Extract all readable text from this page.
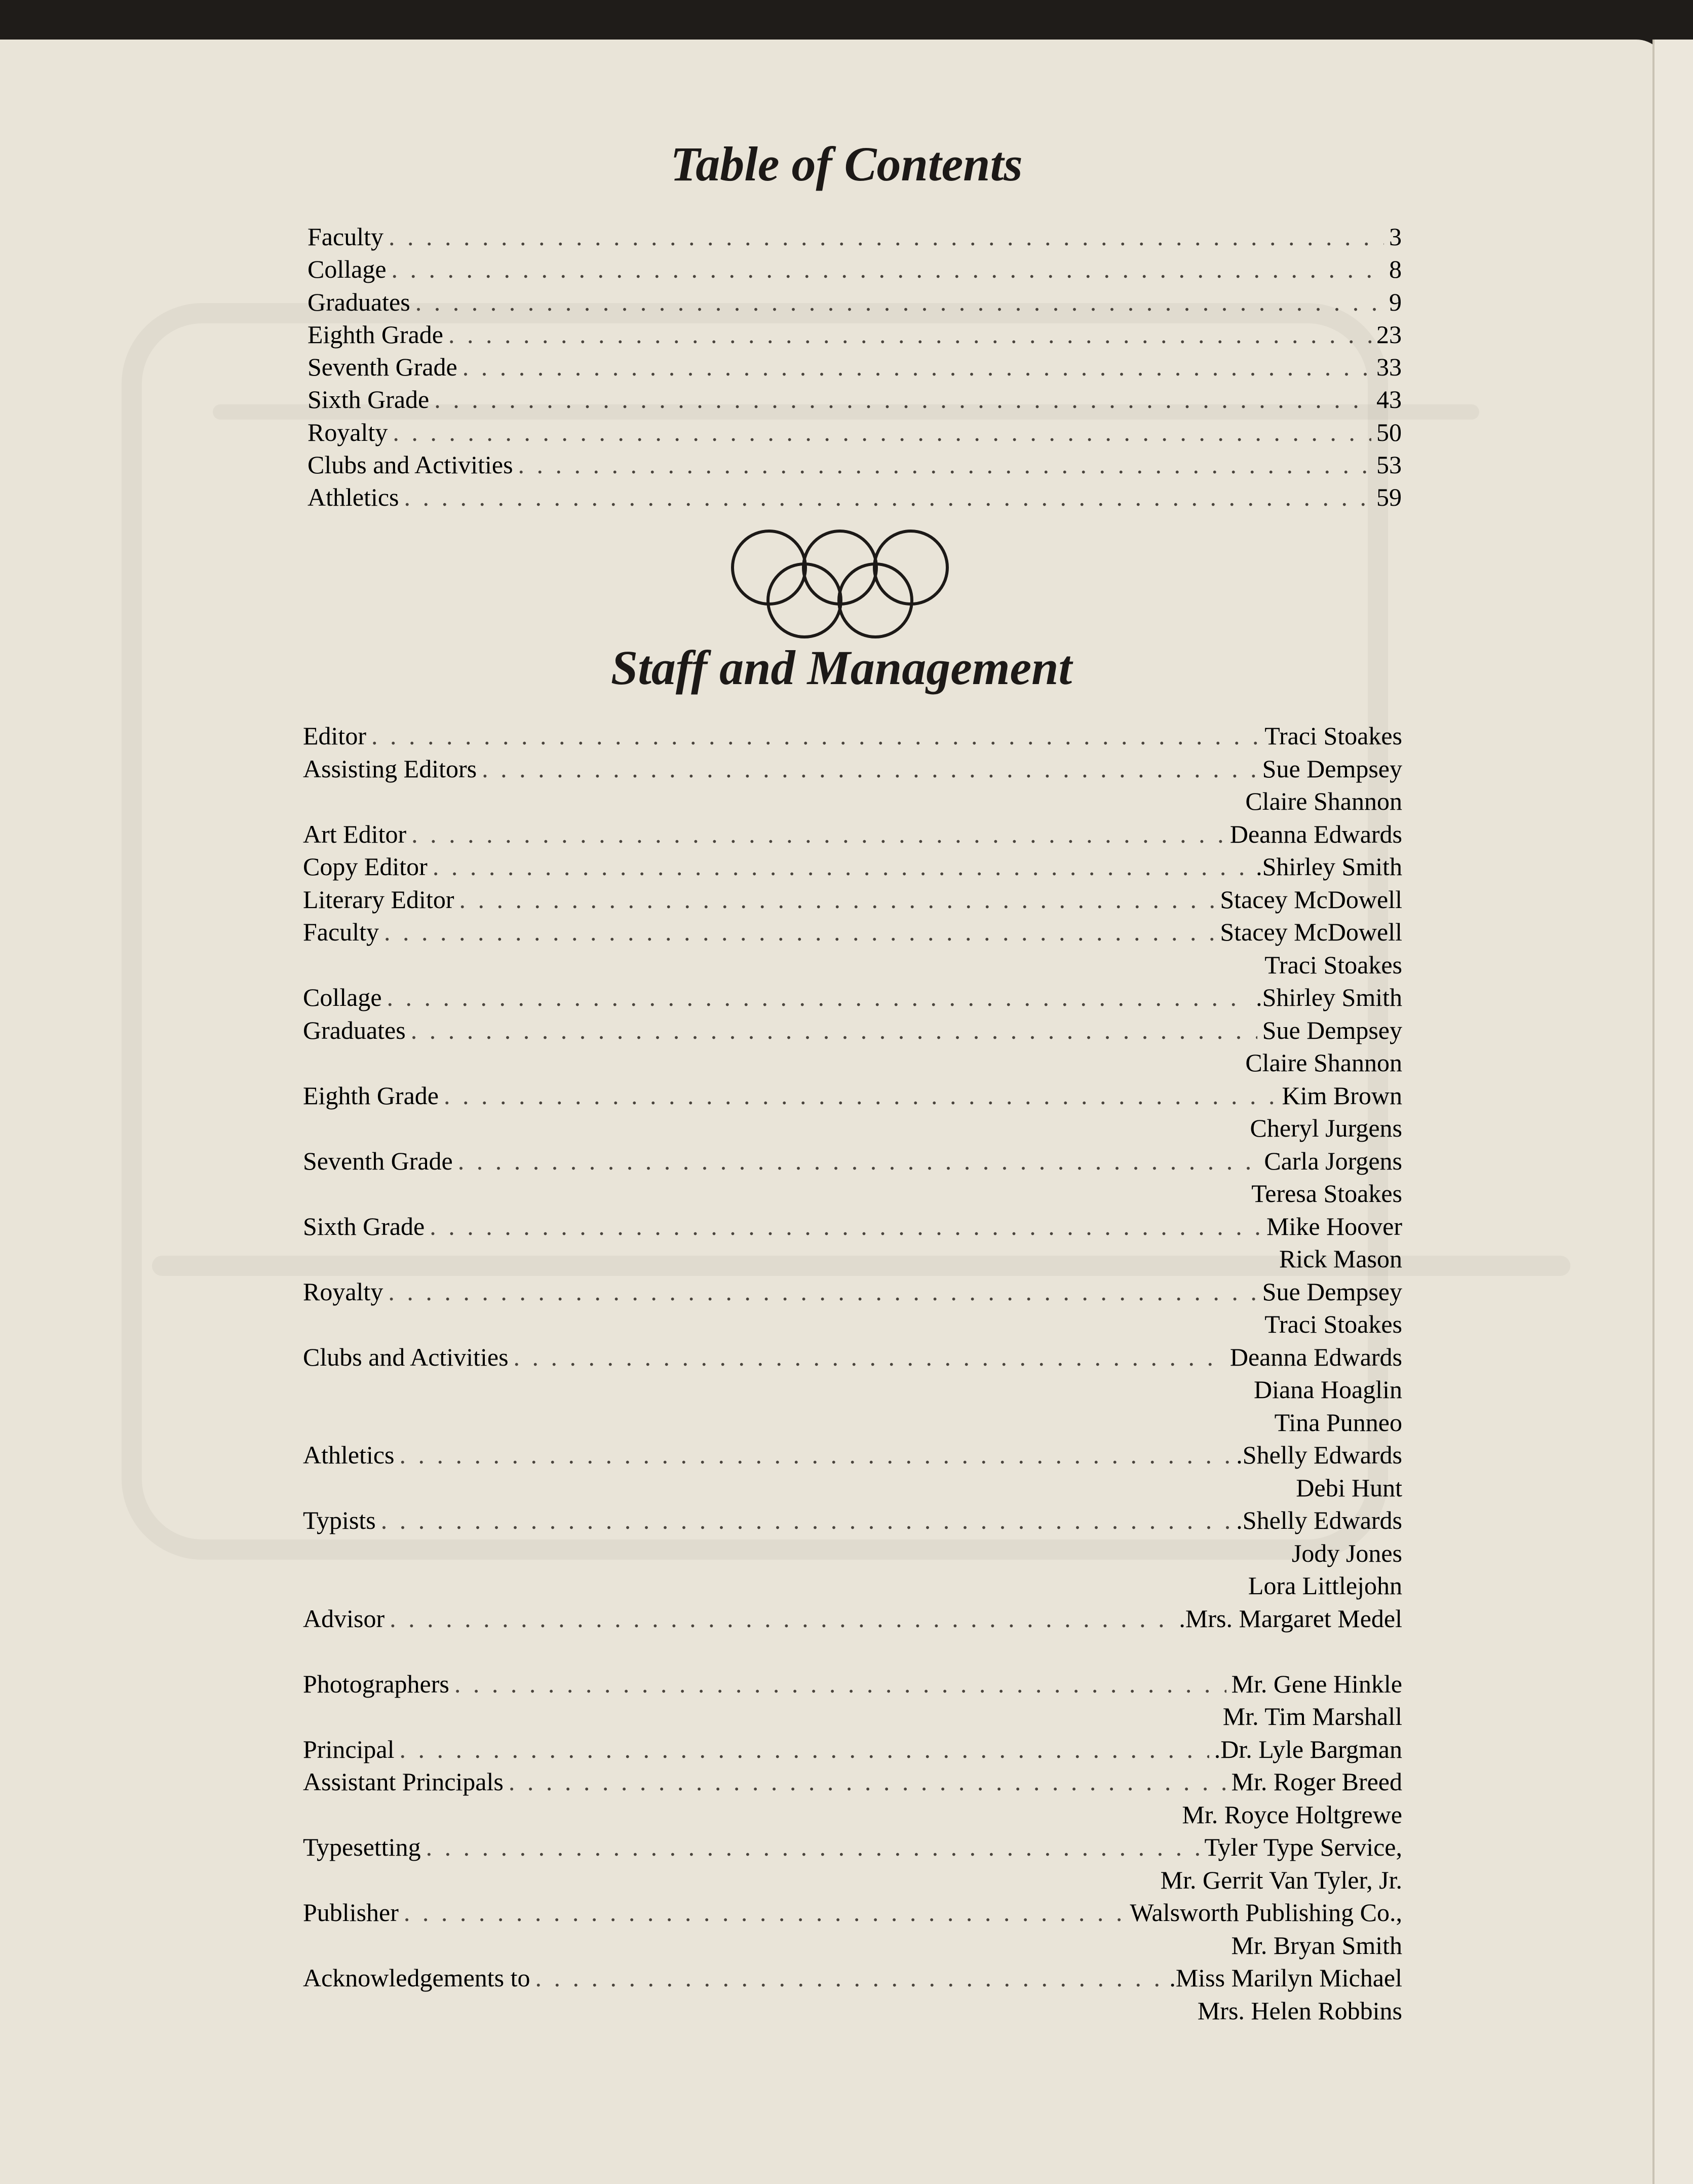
Table of Contents
Faculty . . .	3
Collage . . .	8
Graduates . . .	9
Eighth Grade . . .	23
Seventh Grade . . .	33
Sixth Grade . . .	43
Royalty . . .	50
Clubs and Activities . . .	53
Athletics . . .	59
Staff and Management
Editor . . .	Traci Stoakes
Assisting Editors . . .	Sue Dempsey
Claire Shannon
Art Editor . . .	Deanna Edwards
Copy Editor . . .	.Shirley Smith
Literary Editor . . .	Stacey McDowell
Faculty . . .	Stacey McDowell
Traci Stoakes
Collage . . .	.Shirley Smith
Graduates . . .	Sue Dempsey
Claire Shannon
Eighth Grade . . .	Kim Brown
Cheryl Jurgens
Seventh Grade . . .	Carla Jorgens
Teresa Stoakes
Sixth Grade . . .	Mike Hoover
Rick Mason
Royalty . . .	Sue Dempsey
Traci Stoakes
Clubs and Activities . . .	Deanna Edwards
Diana Hoaglin
Tina Punneo
Athletics . . .	.Shelly Edwards
Debi Hunt
Typists . . .	.Shelly Edwards
Jody Jones
Lora Littlejohn
Advisor . . .	.Mrs. Margaret Medel
Photographers . . .	Mr. Gene Hinkle
Mr. Tim Marshall
Principal . . .	.Dr. Lyle Bargman
Assistant Principals . . .	Mr. Roger Breed
Mr. Royce Holtgrewe
Typesetting . . .	Tyler Type Service,
Mr. Gerrit Van Tyler, Jr.
Publisher . . .	Walsworth Publishing Co.,
Mr. Bryan Smith
Acknowledgements to . . .	.Miss Marilyn Michael
Mrs. Helen Robbins
